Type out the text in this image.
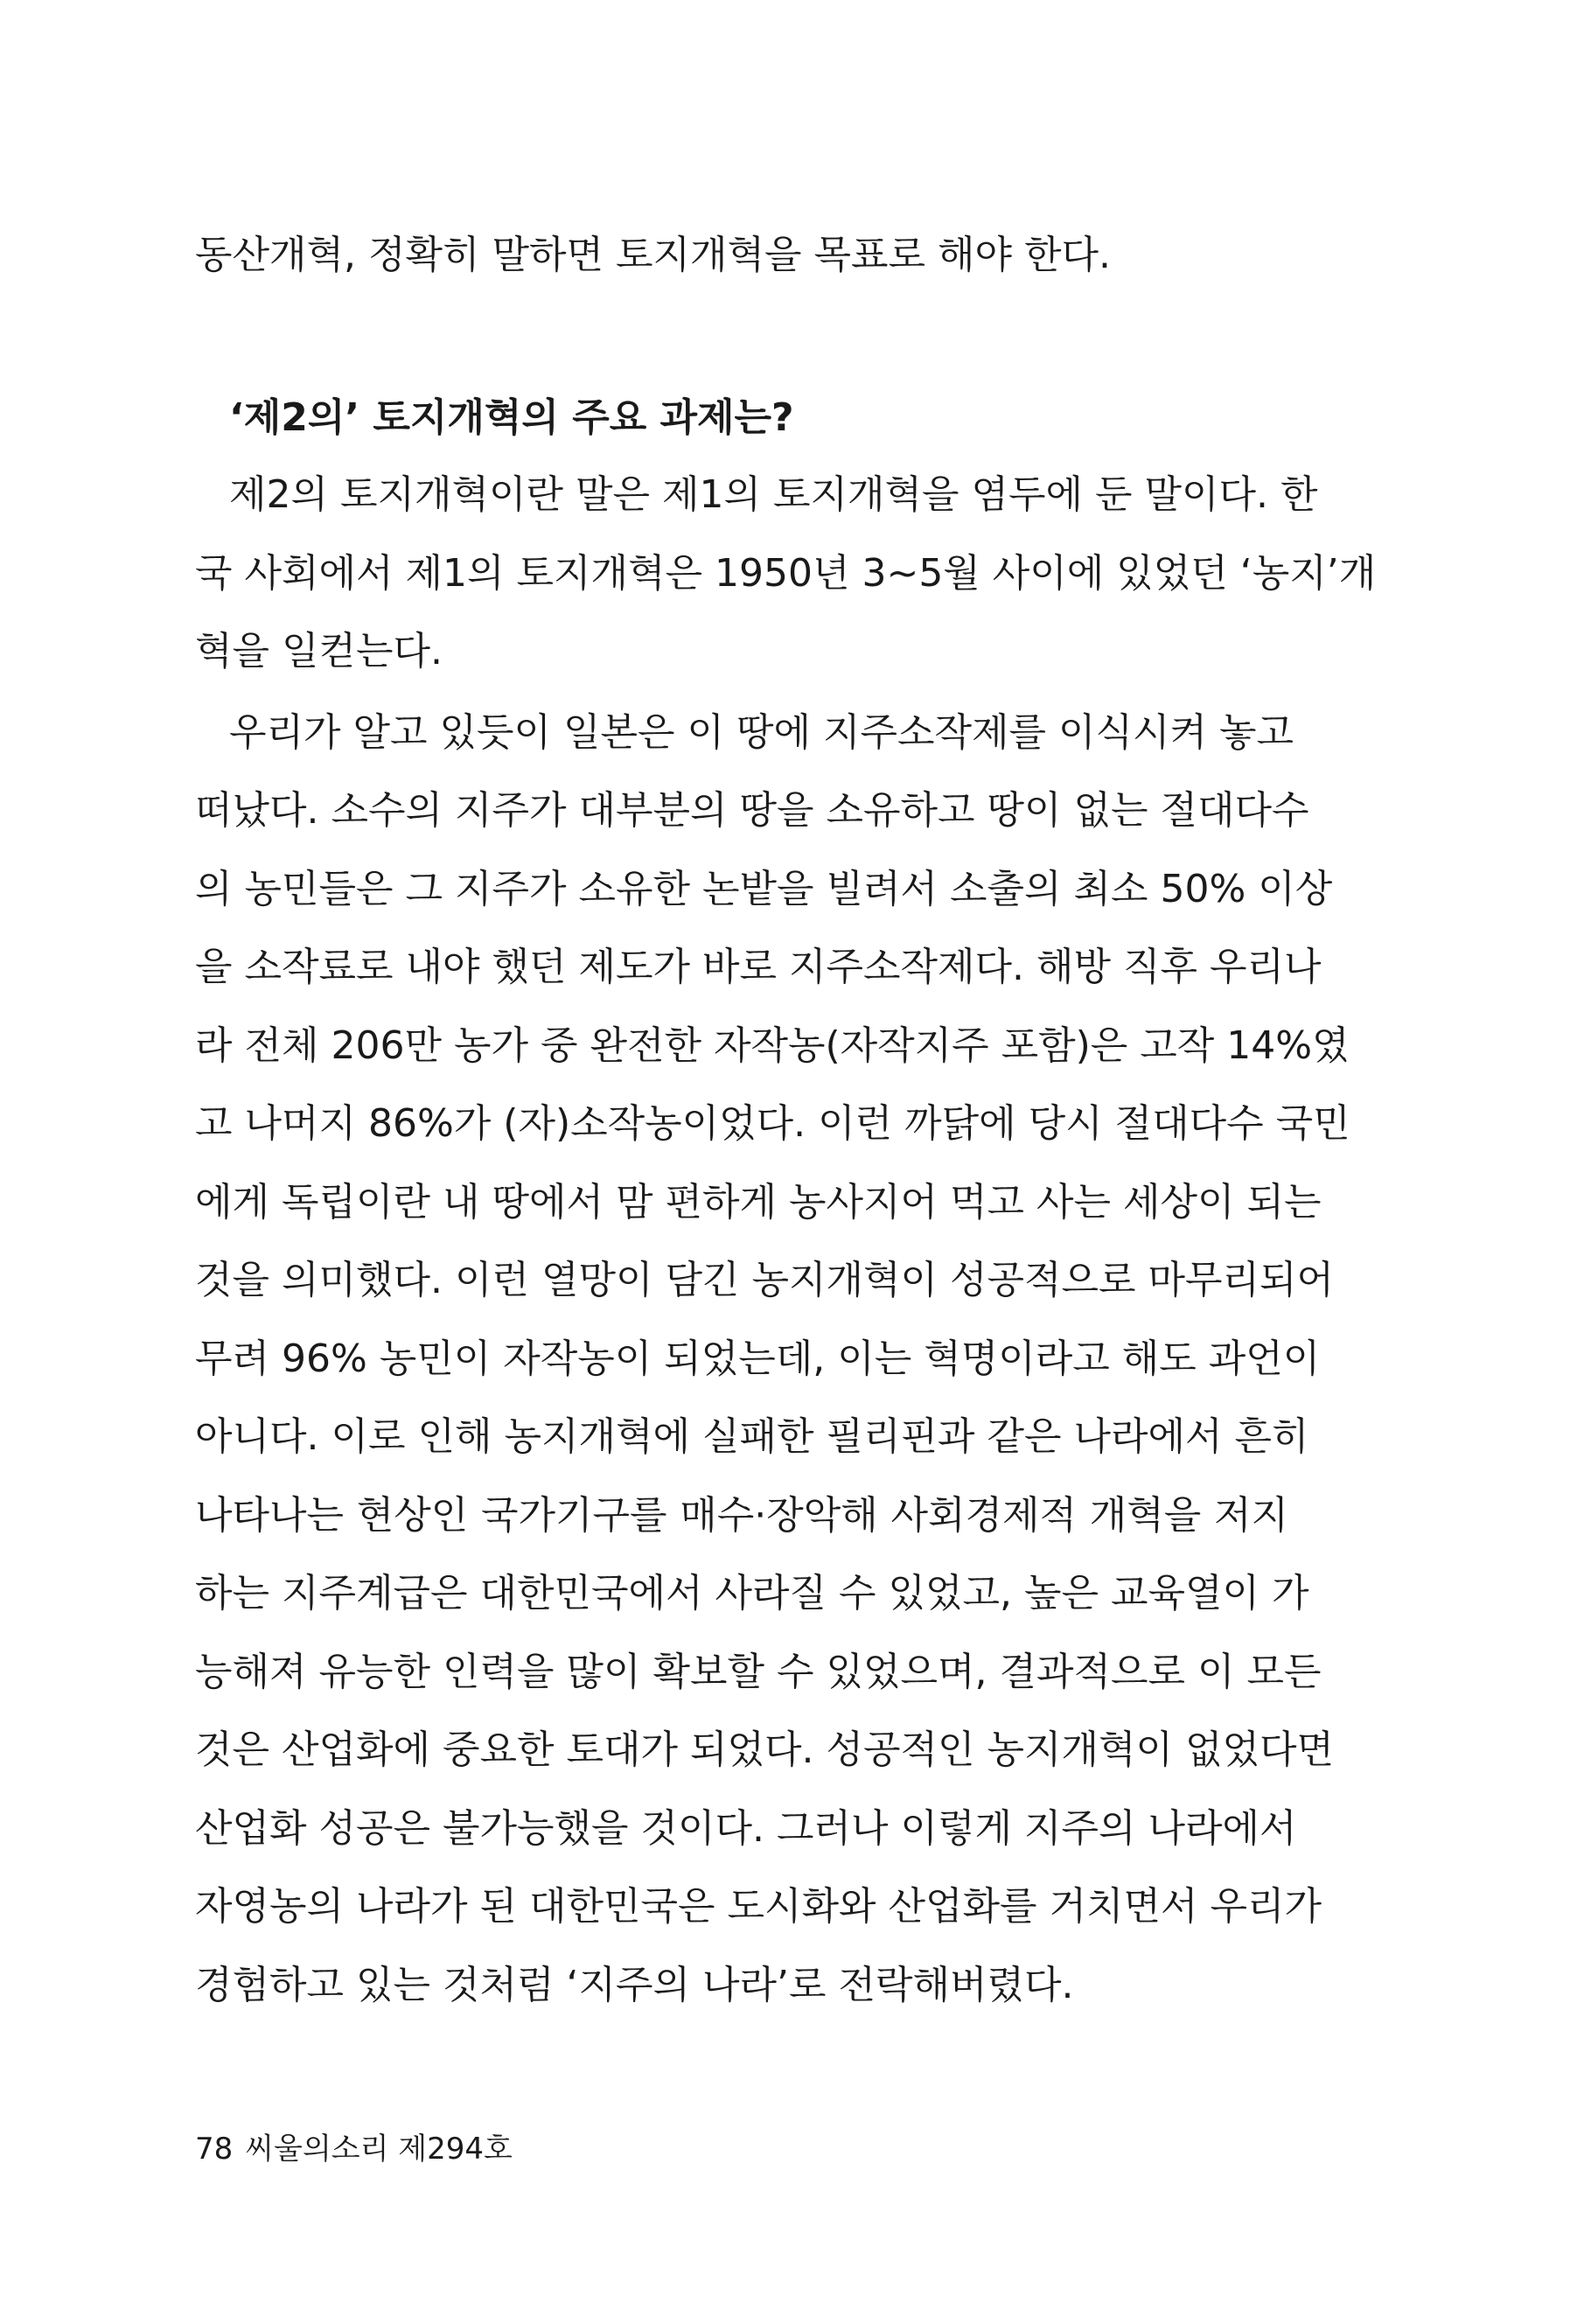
동산개혁, 정확히 말하면 토지개혁을 목표로 해야 한다.
‘제2의’ 토지개혁의 주요 과제는?
제2의 토지개혁이란 말은 제1의 토지개혁을 염두에 둔 말이다. 한
국 사회에서 제1의 토지개혁은 1950년 3~5월 사이에 있었던 ‘농지’개
혁을 일컫는다.
우리가 알고 있듯이 일본은 이 땅에 지주소작제를 이식시켜 놓고
떠났다. 소수의 지주가 대부분의 땅을 소유하고 땅이 없는 절대다수
의 농민들은 그 지주가 소유한 논밭을 빌려서 소출의 최소 50% 이상
을 소작료로 내야 했던 제도가 바로 지주소작제다. 해방 직후 우리나
라 전체 206만 농가 중 완전한 자작농(자작지주 포함)은 고작 14%였
고 나머지 86%가 (자)소작농이었다. 이런 까닭에 당시 절대다수 국민
에게 독립이란 내 땅에서 맘 편하게 농사지어 먹고 사는 세상이 되는
것을 의미했다. 이런 열망이 담긴 농지개혁이 성공적으로 마무리되어
무려 96% 농민이 자작농이 되었는데, 이는 혁명이라고 해도 과언이
아니다. 이로 인해 농지개혁에 실패한 필리핀과 같은 나라에서 흔히
나타나는 현상인 국가기구를 매수·장악해 사회경제적 개혁을 저지
하는 지주계급은 대한민국에서 사라질 수 있었고, 높은 교육열이 가
능해져 유능한 인력을 많이 확보할 수 있었으며, 결과적으로 이 모든
것은 산업화에 중요한 토대가 되었다. 성공적인 농지개혁이 없었다면
산업화 성공은 불가능했을 것이다. 그러나 이렇게 지주의 나라에서
자영농의 나라가 된 대한민국은 도시화와 산업화를 거치면서 우리가
경험하고 있는 것처럼 ‘지주의 나라’로 전락해버렸다.
78 씨울의소리 제294호
